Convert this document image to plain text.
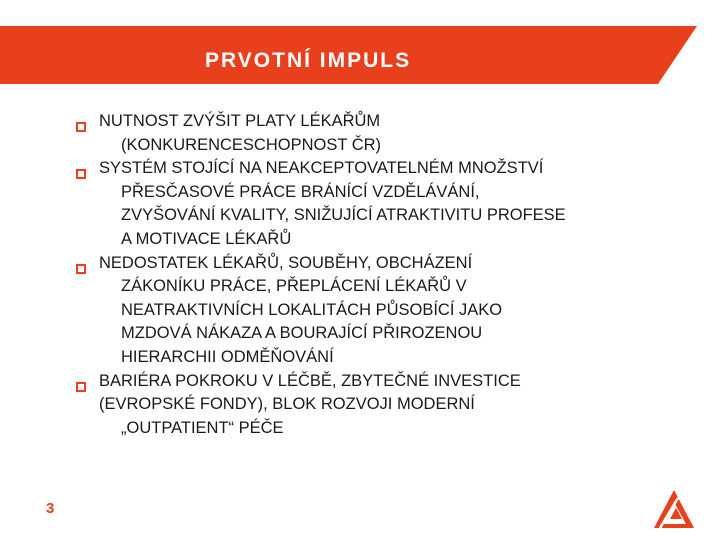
PRVOTNÍ IMPULS
NUTNOST ZVÝŠIT PLATY LÉKAŘŮM
(KONKURENCESCHOPNOST ČR)
SYSTÉM STOJÍCÍ NA NEAKCEPTOVATELNÉM MNOŽSTVÍ
PŘESČASOVÉ PRÁCE BRÁNÍCÍ VZDĚLÁVÁNÍ,
ZVYŠOVÁNÍ KVALITY, SNIŽUJÍCÍ ATRAKTIVITU PROFESE
A MOTIVACE LÉKAŘŮ
NEDOSTATEK LÉKAŘŮ, SOUBĚHY, OBCHÁZENÍ
ZÁKONÍKU PRÁCE, PŘEPLÁCENÍ LÉKAŘŮ V
NEATRAKTIVNÍCH LOKALITÁCH PŮSOBÍCÍ JAKO
MZDOVÁ NÁKAZA A BOURAJÍCÍ PŘIROZENOU
HIERARCHII ODMĚŇOVÁNÍ
BARIÉRA POKROKU V LÉČBĚ, ZBYTEČNÉ INVESTICE
(EVROPSKÉ FONDY), BLOK ROZVOJI MODERNÍ
„OUTPATIENT“ PÉČE
3
